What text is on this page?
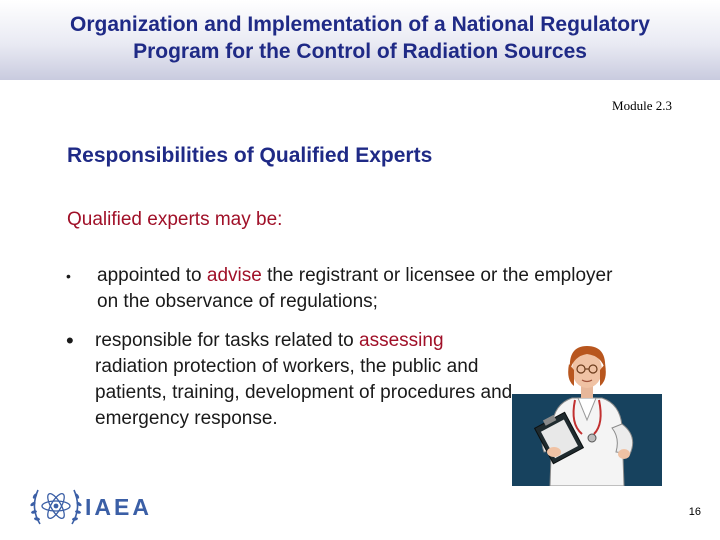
Organization and Implementation of a National Regulatory
Program for the Control of Radiation Sources
Module 2.3
Responsibilities of Qualified Experts

Qualified experts may be:

• appointed to advise the registrant or licensee or the employer on the observance of regulations;
• responsible for tasks related to assessing radiation protection of workers, the public and patients, training, development of procedures and emergency response.
IAEA	16
